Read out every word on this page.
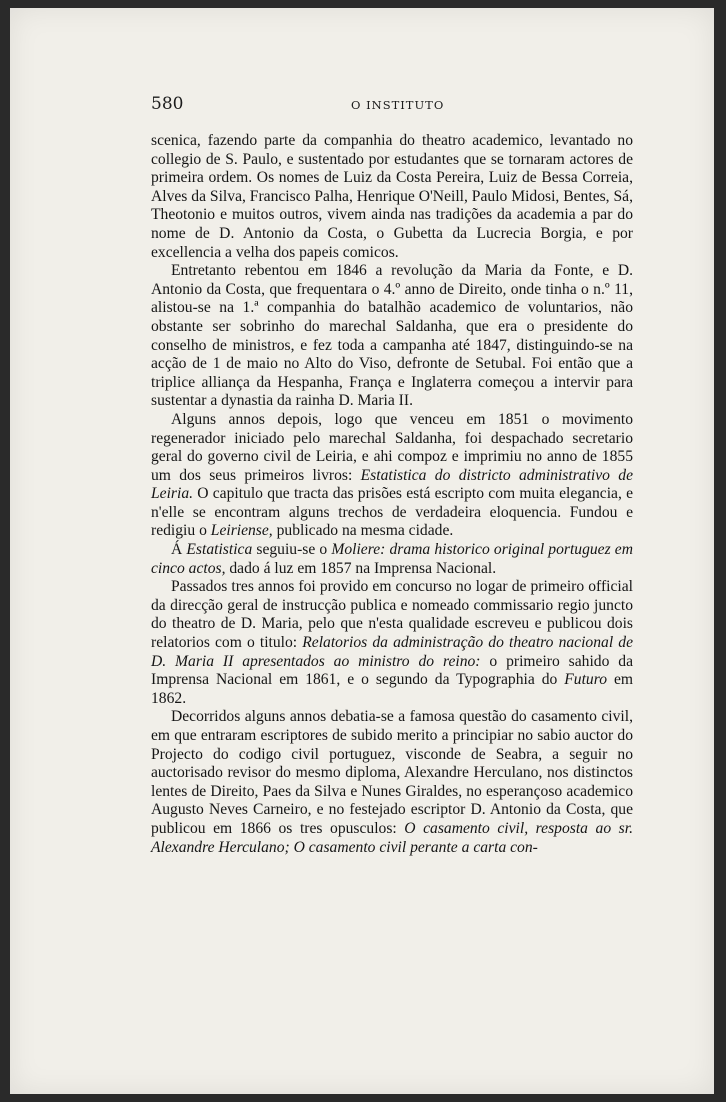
580	O INSTITUTO

scenica, fazendo parte da companhia do theatro academico, levantado no collegio de S. Paulo, e sustentado por estudantes que se tornaram actores de primeira ordem. Os nomes de Luiz da Costa Pereira, Luiz de Bessa Correia, Alves da Silva, Francisco Palha, Henrique O'Neill, Paulo Midosi, Bentes, Sá, Theotonio e muitos outros, vivem ainda nas tradições da academia a par do nome de D. Antonio da Costa, o Gubetta da Lucrecia Borgia, e por excellencia a velha dos papeis comicos.

Entretanto rebentou em 1846 a revolução da Maria da Fonte, e D. Antonio da Costa, que frequentara o 4.º anno de Direito, onde tinha o n.º 11, alistou-se na 1.ª companhia do batalhão academico de voluntarios, não obstante ser sobrinho do marechal Saldanha, que era o presidente do conselho de ministros, e fez toda a campanha até 1847, distinguindo-se na acção de 1 de maio no Alto do Viso, defronte de Setubal. Foi então que a triplice alliança da Hespanha, França e Inglaterra começou a intervir para sustentar a dynastia da rainha D. Maria II.

Alguns annos depois, logo que venceu em 1851 o movimento regenerador iniciado pelo marechal Saldanha, foi despachado secretario geral do governo civil de Leiria, e ahi compoz e imprimiu no anno de 1855 um dos seus primeiros livros: Estatistica do districto administrativo de Leiria. O capitulo que tracta das prisões está escripto com muita elegancia, e n'elle se encontram alguns trechos de verdadeira eloquencia. Fundou e redigiu o Leiriense, publicado na mesma cidade.

Á Estatistica seguiu-se o Moliere: drama historico original portuguez em cinco actos, dado á luz em 1857 na Imprensa Nacional.

Passados tres annos foi provido em concurso no logar de primeiro official da direcção geral de instrucção publica e nomeado commissario regio juncto do theatro de D. Maria, pelo que n'esta qualidade escreveu e publicou dois relatorios com o titulo: Relatorios da administração do theatro nacional de D. Maria II apresentados ao ministro do reino: o primeiro sahido da Imprensa Nacional em 1861, e o segundo da Typographia do Futuro em 1862.

Decorridos alguns annos debatia-se a famosa questão do casamento civil, em que entraram escriptores de subido merito a principiar no sabio auctor do Projecto do codigo civil portuguez, visconde de Seabra, a seguir no auctorisado revisor do mesmo diploma, Alexandre Herculano, nos distinctos lentes de Direito, Paes da Silva e Nunes Giraldes, no esperançoso academico Augusto Neves Carneiro, e no festejado escriptor D. Antonio da Costa, que publicou em 1866 os tres opusculos: O casamento civil, resposta ao sr. Alexandre Herculano; O casamento civil perante a carta con-
